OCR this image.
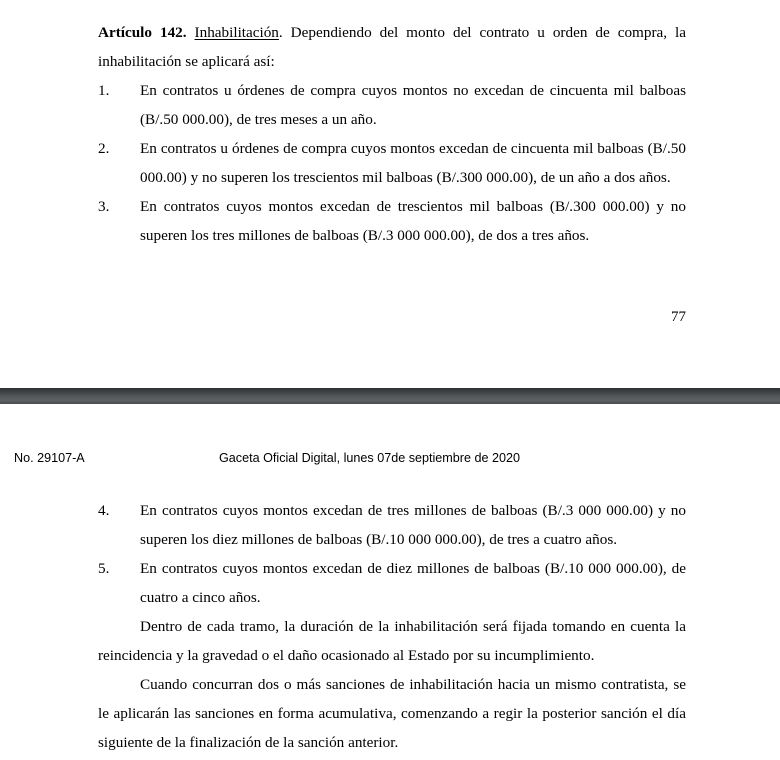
Artículo 142. Inhabilitación. Dependiendo del monto del contrato u orden de compra, la inhabilitación se aplicará así:

1.	En contratos u órdenes de compra cuyos montos no excedan de cincuenta mil balboas (B/.50 000.00), de tres meses a un año.
2.	En contratos u órdenes de compra cuyos montos excedan de cincuenta mil balboas (B/.50 000.00) y no superen los trescientos mil balboas (B/.300 000.00), de un año a dos años.
3.	En contratos cuyos montos excedan de trescientos mil balboas (B/.300 000.00) y no superen los tres millones de balboas (B/.3 000 000.00), de dos a tres años.
77
No. 29107-A	Gaceta Oficial Digital, lunes 07de septiembre de 2020
4.	En contratos cuyos montos excedan de tres millones de balboas (B/.3 000 000.00) y no superen los diez millones de balboas (B/.10 000 000.00), de tres a cuatro años.
5.	En contratos cuyos montos excedan de diez millones de balboas (B/.10 000 000.00), de cuatro a cinco años.

Dentro de cada tramo, la duración de la inhabilitación será fijada tomando en cuenta la reincidencia y la gravedad o el daño ocasionado al Estado por su incumplimiento.

Cuando concurran dos o más sanciones de inhabilitación hacia un mismo contratista, se le aplicarán las sanciones en forma acumulativa, comenzando a regir la posterior sanción el día siguiente de la finalización de la sanción anterior.
